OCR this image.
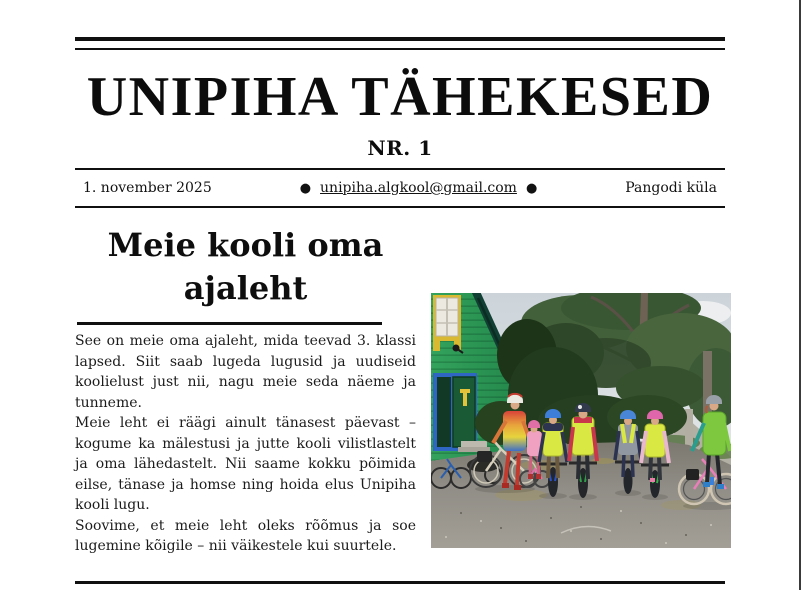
UNIPIHA TÄHEKESED
NR. 1
1. november 2025	● unipiha.algkool@gmail.com ●	Pangodi küla
Meie kooli oma ajaleht

See on meie oma ajaleht, mida teevad 3. klassi lapsed. Siit saab lugeda lugusid ja uudiseid koolielust just nii, nagu meie seda näeme ja tunneme.

Meie leht ei räägi ainult tänasest päevast – kogume ka mälestusi ja jutte kooli vilistlastelt ja oma lähedastelt. Nii saame kokku põimida eilse, tänase ja homse ning hoida elus Unipiha kooli lugu.

Soovime, et meie leht oleks rõõmus ja soe lugemine kõigile – nii väikestele kui suurtele.
